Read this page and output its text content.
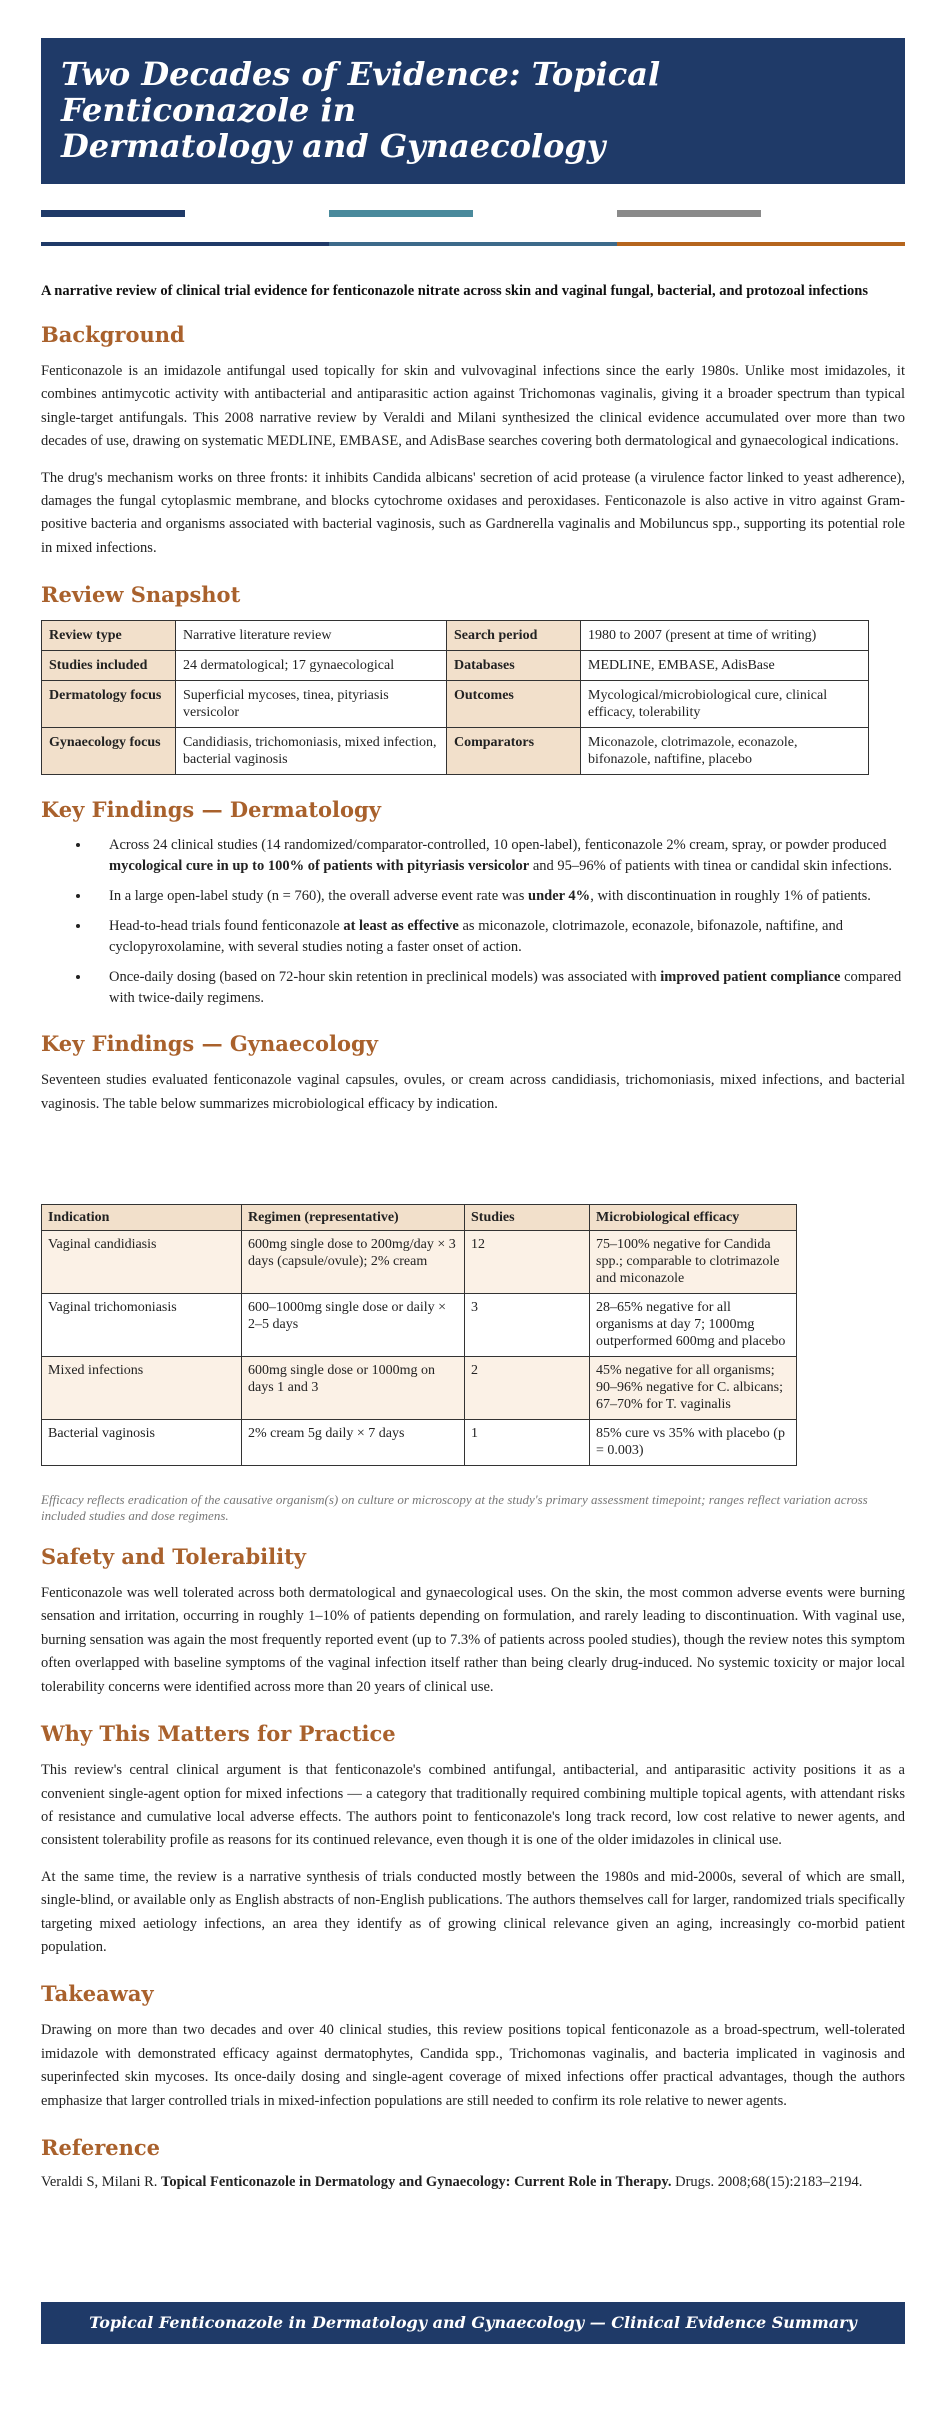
Two Decades of Evidence: Topical
Fenticonazole in
Dermatology and Gynaecology

A narrative review of clinical trial evidence for fenticonazole nitrate across skin and vaginal fungal, bacterial, and protozoal infections

Background

Fenticonazole is an imidazole antifungal used topically for skin and vulvovaginal infections since the early 1980s. Unlike most imidazoles, it combines antimycotic activity with antibacterial and antiparasitic action against Trichomonas vaginalis, giving it a broader spectrum than typical single-target antifungals. This 2008 narrative review by Veraldi and Milani synthesized the clinical evidence accumulated over more than two decades of use, drawing on systematic MEDLINE, EMBASE, and AdisBase searches covering both dermatological and gynaecological indications.

The drug's mechanism works on three fronts: it inhibits Candida albicans' secretion of acid protease (a virulence factor linked to yeast adherence), damages the fungal cytoplasmic membrane, and blocks cytochrome oxidases and peroxidases. Fenticonazole is also active in vitro against Gram-positive bacteria and organisms associated with bacterial vaginosis, such as Gardnerella vaginalis and Mobiluncus spp., supporting its potential role in mixed infections.

Review Snapshot
Review type	Narrative literature review	Search period	1980 to 2007 (present at time of writing)
Studies included	24 dermatological; 17 gynaecological	Databases	MEDLINE, EMBASE, AdisBase
Dermatology focus	Superficial mycoses, tinea, pityriasis versicolor	Outcomes	Mycological/microbiological cure, clinical efficacy, tolerability
Gynaecology focus	Candidiasis, trichomoniasis, mixed infection, bacterial vaginosis	Comparators	Miconazole, clotrimazole, econazole, bifonazole, naftifine, placebo
Key Findings — Dermatology
• Across 24 clinical studies (14 randomized/comparator-controlled, 10 open-label), fenticonazole 2% cream, spray, or powder produced mycological cure in up to 100% of patients with pityriasis versicolor and 95–96% of patients with tinea or candidal skin infections.
• In a large open-label study (n = 760), the overall adverse event rate was under 4%, with discontinuation in roughly 1% of patients.
• Head-to-head trials found fenticonazole at least as effective as miconazole, clotrimazole, econazole, bifonazole, naftifine, and cyclopyroxolamine, with several studies noting a faster onset of action.
• Once-daily dosing (based on 72-hour skin retention in preclinical models) was associated with improved patient compliance compared with twice-daily regimens.
Key Findings — Gynaecology

Seventeen studies evaluated fenticonazole vaginal capsules, ovules, or cream across candidiasis, trichomoniasis, mixed infections, and bacterial vaginosis. The table below summarizes microbiological efficacy by indication.

Indication	Regimen (representative)	Studies	Microbiological efficacy
Vaginal candidiasis	600mg single dose to 200mg/day × 3 days (capsule/ovule); 2% cream	12	75–100% negative for Candida spp.; comparable to clotrimazole and miconazole
Vaginal trichomoniasis	600–1000mg single dose or daily × 2–5 days	3	28–65% negative for all organisms at day 7; 1000mg outperformed 600mg and placebo
Mixed infections	600mg single dose or 1000mg on days 1 and 3	2	45% negative for all organisms; 90–96% negative for C. albicans; 67–70% for T. vaginalis
Bacterial vaginosis	2% cream 5g daily × 7 days	1	85% cure vs 35% with placebo (p = 0.003)

Efficacy reflects eradication of the causative organism(s) on culture or microscopy at the study's primary assessment timepoint; ranges reflect variation across included studies and dose regimens.

Safety and Tolerability

Fenticonazole was well tolerated across both dermatological and gynaecological uses. On the skin, the most common adverse events were burning sensation and irritation, occurring in roughly 1–10% of patients depending on formulation, and rarely leading to discontinuation. With vaginal use, burning sensation was again the most frequently reported event (up to 7.3% of patients across pooled studies), though the review notes this symptom often overlapped with baseline symptoms of the vaginal infection itself rather than being clearly drug-induced. No systemic toxicity or major local tolerability concerns were identified across more than 20 years of clinical use.

Why This Matters for Practice

This review's central clinical argument is that fenticonazole's combined antifungal, antibacterial, and antiparasitic activity positions it as a convenient single-agent option for mixed infections — a category that traditionally required combining multiple topical agents, with attendant risks of resistance and cumulative local adverse effects. The authors point to fenticonazole's long track record, low cost relative to newer agents, and consistent tolerability profile as reasons for its continued relevance, even though it is one of the older imidazoles in clinical use.

At the same time, the review is a narrative synthesis of trials conducted mostly between the 1980s and mid-2000s, several of which are small, single-blind, or available only as English abstracts of non-English publications. The authors themselves call for larger, randomized trials specifically targeting mixed aetiology infections, an area they identify as of growing clinical relevance given an aging, increasingly co-morbid patient population.

Takeaway

Drawing on more than two decades and over 40 clinical studies, this review positions topical fenticonazole as a broad-spectrum, well-tolerated imidazole with demonstrated efficacy against dermatophytes, Candida spp., Trichomonas vaginalis, and bacteria implicated in vaginosis and superinfected skin mycoses. Its once-daily dosing and single-agent coverage of mixed infections offer practical advantages, though the authors emphasize that larger controlled trials in mixed-infection populations are still needed to confirm its role relative to newer agents.

Reference

Veraldi S, Milani R. Topical Fenticonazole in Dermatology and Gynaecology: Current Role in Therapy. Drugs. 2008;68(15):2183–2194.

Topical Fenticonazole in Dermatology and Gynaecology — Clinical Evidence Summary
